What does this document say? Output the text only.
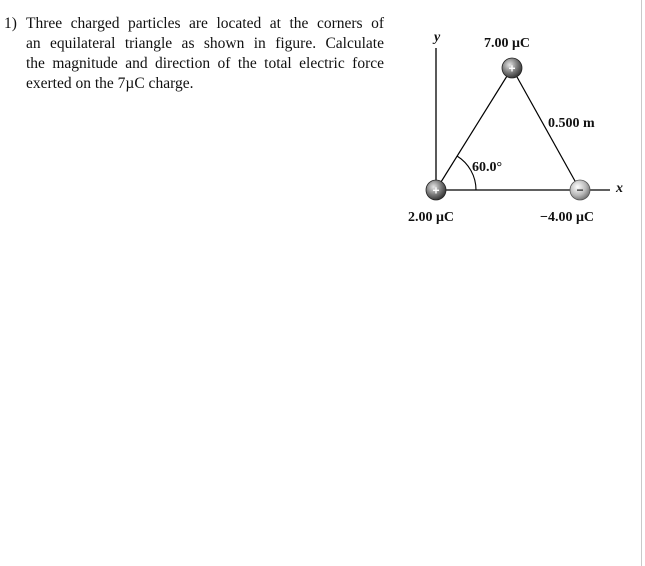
1) Three charged particles are located at the corners of
an equilateral triangle as shown in figure. Calculate
the magnitude and direction of the total electric force
exerted on the 7µC charge.
+
+	−
y
x
7.00 μC
0.500 m
60.0°
2.00 μC	−4.00 μC
